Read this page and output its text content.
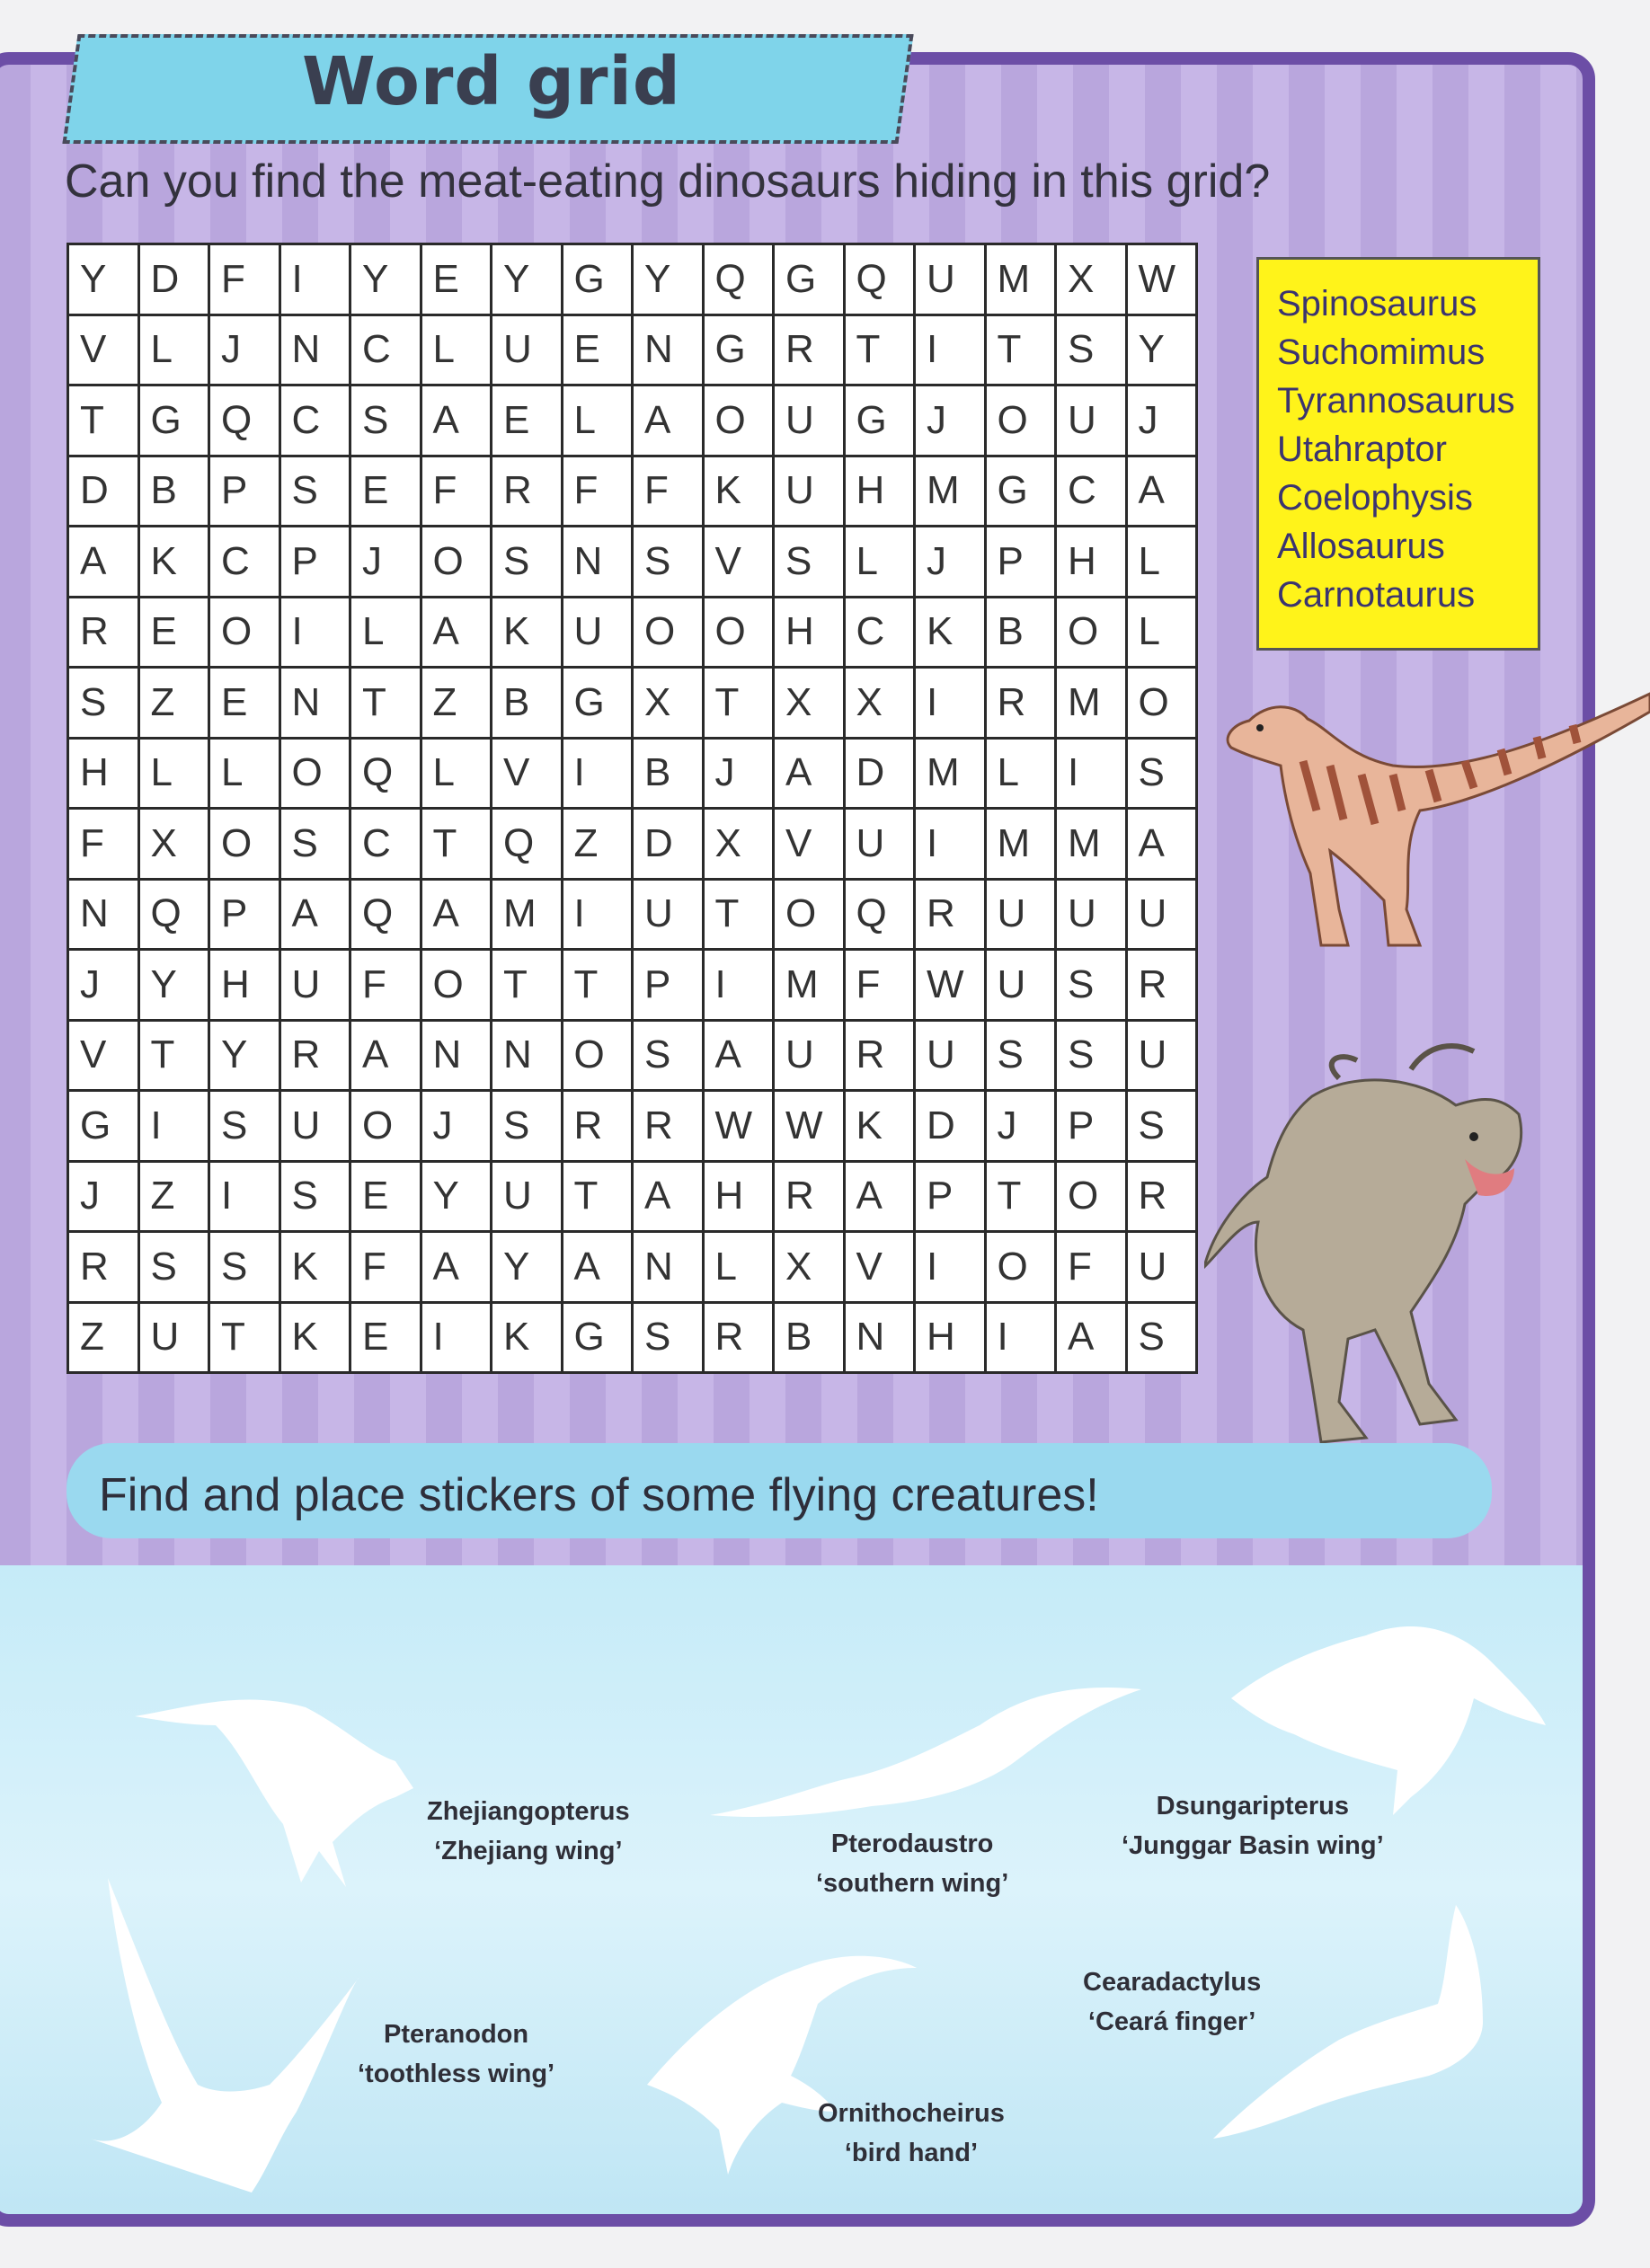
Word grid
Can you find the meat-eating dinosaurs hiding in this grid?
Y	D	F	I	Y	E	Y	G	Y	Q	G	Q	U	M	X	W
V	L	J	N	C	L	U	E	N	G	R	T	I	T	S	Y
T	G	Q	C	S	A	E	L	A	O	U	G	J	O	U	J
D	B	P	S	E	F	R	F	F	K	U	H	M	G	C	A
A	K	C	P	J	O	S	N	S	V	S	L	J	P	H	L
R	E	O	I	L	A	K	U	O	O	H	C	K	B	O	L
S	Z	E	N	T	Z	B	G	X	T	X	X	I	R	M	O
H	L	L	O	Q	L	V	I	B	J	A	D	M	L	I	S
F	X	O	S	C	T	Q	Z	D	X	V	U	I	M	M	A
N	Q	P	A	Q	A	M	I	U	T	O	Q	R	U	U	U
J	Y	H	U	F	O	T	T	P	I	M	F	W	U	S	R
V	T	Y	R	A	N	N	O	S	A	U	R	U	S	S	U
G	I	S	U	O	J	S	R	R	W	W	K	D	J	P	S
J	Z	I	S	E	Y	U	T	A	H	R	A	P	T	O	R
R	S	S	K	F	A	Y	A	N	L	X	V	I	O	F	U
Z	U	T	K	E	I	K	G	S	R	B	N	H	I	A	S
Spinosaurus
Suchomimus
Tyrannosaurus
Utahraptor
Coelophysis
Allosaurus
Carnotaurus
Find and place stickers of some flying creatures!
Zhejiangopterus
‘Zhejiang wing’	Pterodaustro
‘southern wing’
Dsungaripterus
‘Junggar Basin wing’
Pteranodon
‘toothless wing’
Ornithocheirus
‘bird hand’
Cearadactylus
‘Ceará finger’
